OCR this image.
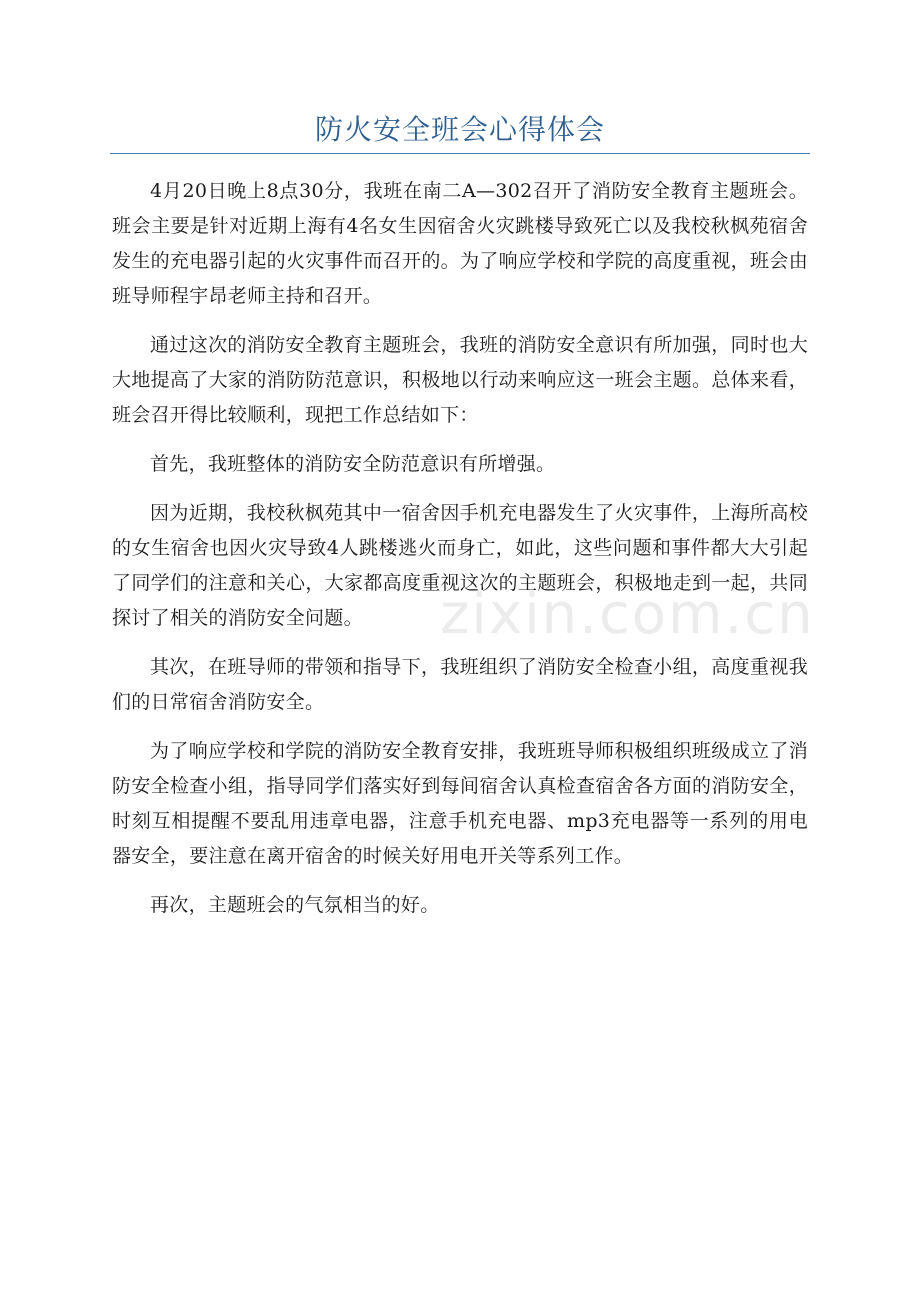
防火安全班会心得体会

4月20日晚上8点30分，我班在南二A—302召开了消防安全教育主题班会。班会主要是针对近期上海有4名女生因宿舍火灾跳楼导致死亡以及我校秋枫苑宿舍发生的充电器引起的火灾事件而召开的。为了响应学校和学院的高度重视，班会由班导师程宇昂老师主持和召开。

通过这次的消防安全教育主题班会，我班的消防安全意识有所加强，同时也大大地提高了大家的消防防范意识，积极地以行动来响应这一班会主题。总体来看，班会召开得比较顺利，现把工作总结如下：

首先，我班整体的消防安全防范意识有所增强。

因为近期，我校秋枫苑其中一宿舍因手机充电器发生了火灾事件，上海所高校的女生宿舍也因火灾导致4人跳楼逃火而身亡，如此，这些问题和事件都大大引起了同学们的注意和关心，大家都高度重视这次的主题班会，积极地走到一起，共同探讨了相关的消防安全问题。

其次，在班导师的带领和指导下，我班组织了消防安全检查小组，高度重视我们的日常宿舍消防安全。

为了响应学校和学院的消防安全教育安排，我班班导师积极组织班级成立了消防安全检查小组，指导同学们落实好到每间宿舍认真检查宿舍各方面的消防安全，时刻互相提醒不要乱用违章电器，注意手机充电器、mp3充电器等一系列的用电器安全，要注意在离开宿舍的时候关好用电开关等系列工作。

再次，主题班会的气氛相当的好。

zixin.com.cn
